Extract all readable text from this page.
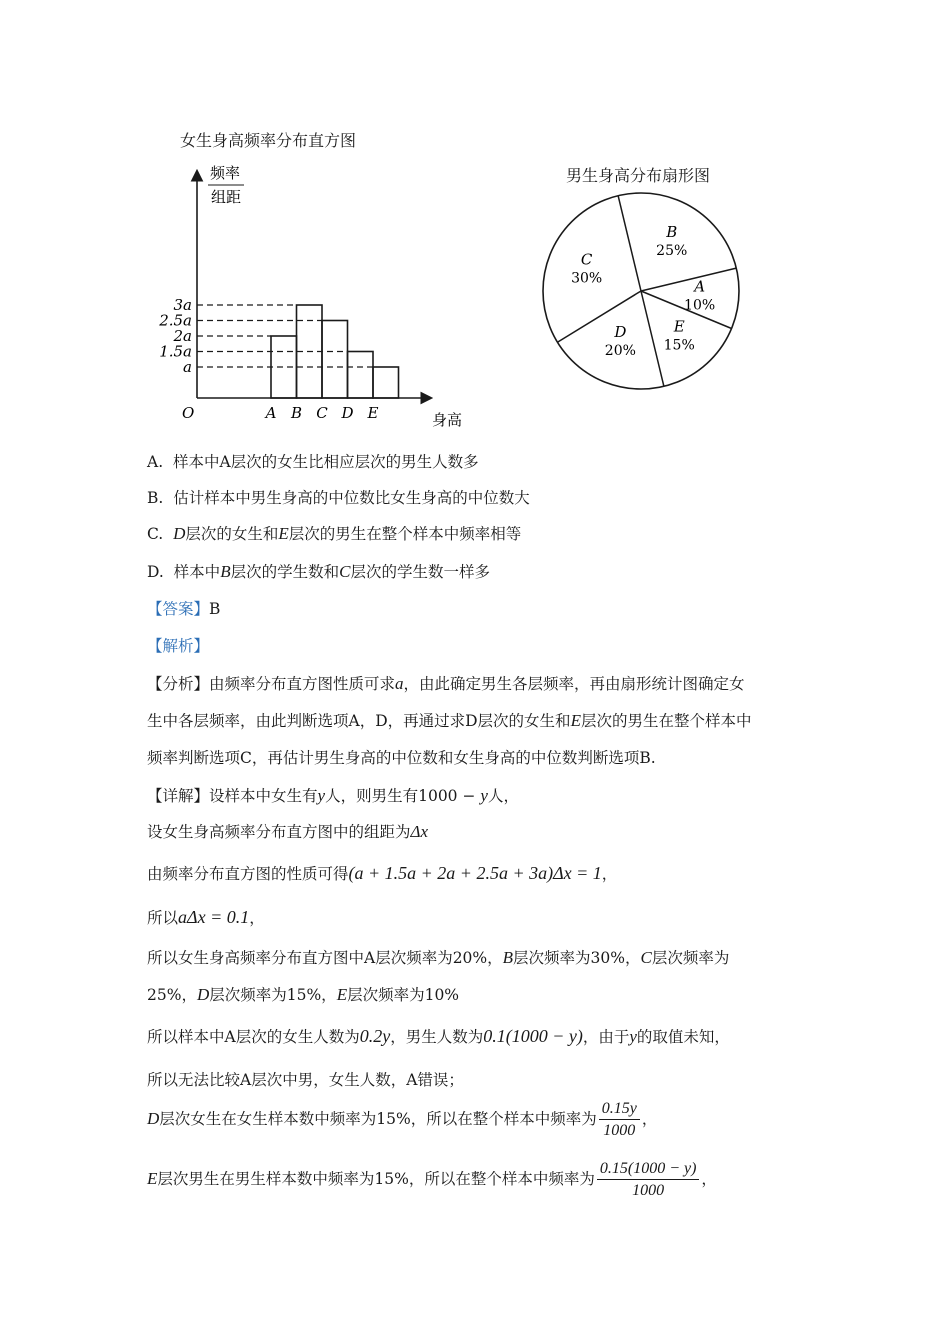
女生身高频率分布直方图
频率
组距
O	身高
3a
2.5a
2a
1.5a
a
A B C D E
男生身高分布扇形图
A
10%
E
15%
D
20%
C
30%
B
25%
A. 样本中A层次的女生比相应层次的男生人数多
B. 估计样本中男生身高的中位数比女生身高的中位数大
C. D层次的女生和E层次的男生在整个样本中频率相等
D. 样本中B层次的学生数和C层次的学生数一样多
【答案】B
【解析】
【分析】由频率分布直方图性质可求a，由此确定男生各层频率，再由扇形统计图确定女
生中各层频率，由此判断选项A，D，再通过求D层次的女生和E层次的男生在整个样本中
频率判断选项C，再估计男生身高的中位数和女生身高的中位数判断选项B.
【详解】设样本中女生有y人，则男生有1000 − y人，
设女生身高频率分布直方图中的组距为Δx
由频率分布直方图的性质可得(a + 1.5a + 2a + 2.5a + 3a)Δx = 1，
所以aΔx = 0.1，
所以女生身高频率分布直方图中A层次频率为20%，B层次频率为30%，C层次频率为
25%，D层次频率为15%，E层次频率为10%
所以样本中A层次的女生人数为0.2y，男生人数为0.1(1000 − y)，由于y的取值未知，
所以无法比较A层次中男，女生人数，A错误；
D层次女生在女生样本数中频率为15%，所以在整个样本中频率为 $\frac{0.15y}{1000}$ ，
E层次男生在男生样本数中频率为15%，所以在整个样本中频率为 $\frac{0.15(1000 - y)}{1000}$ ，
